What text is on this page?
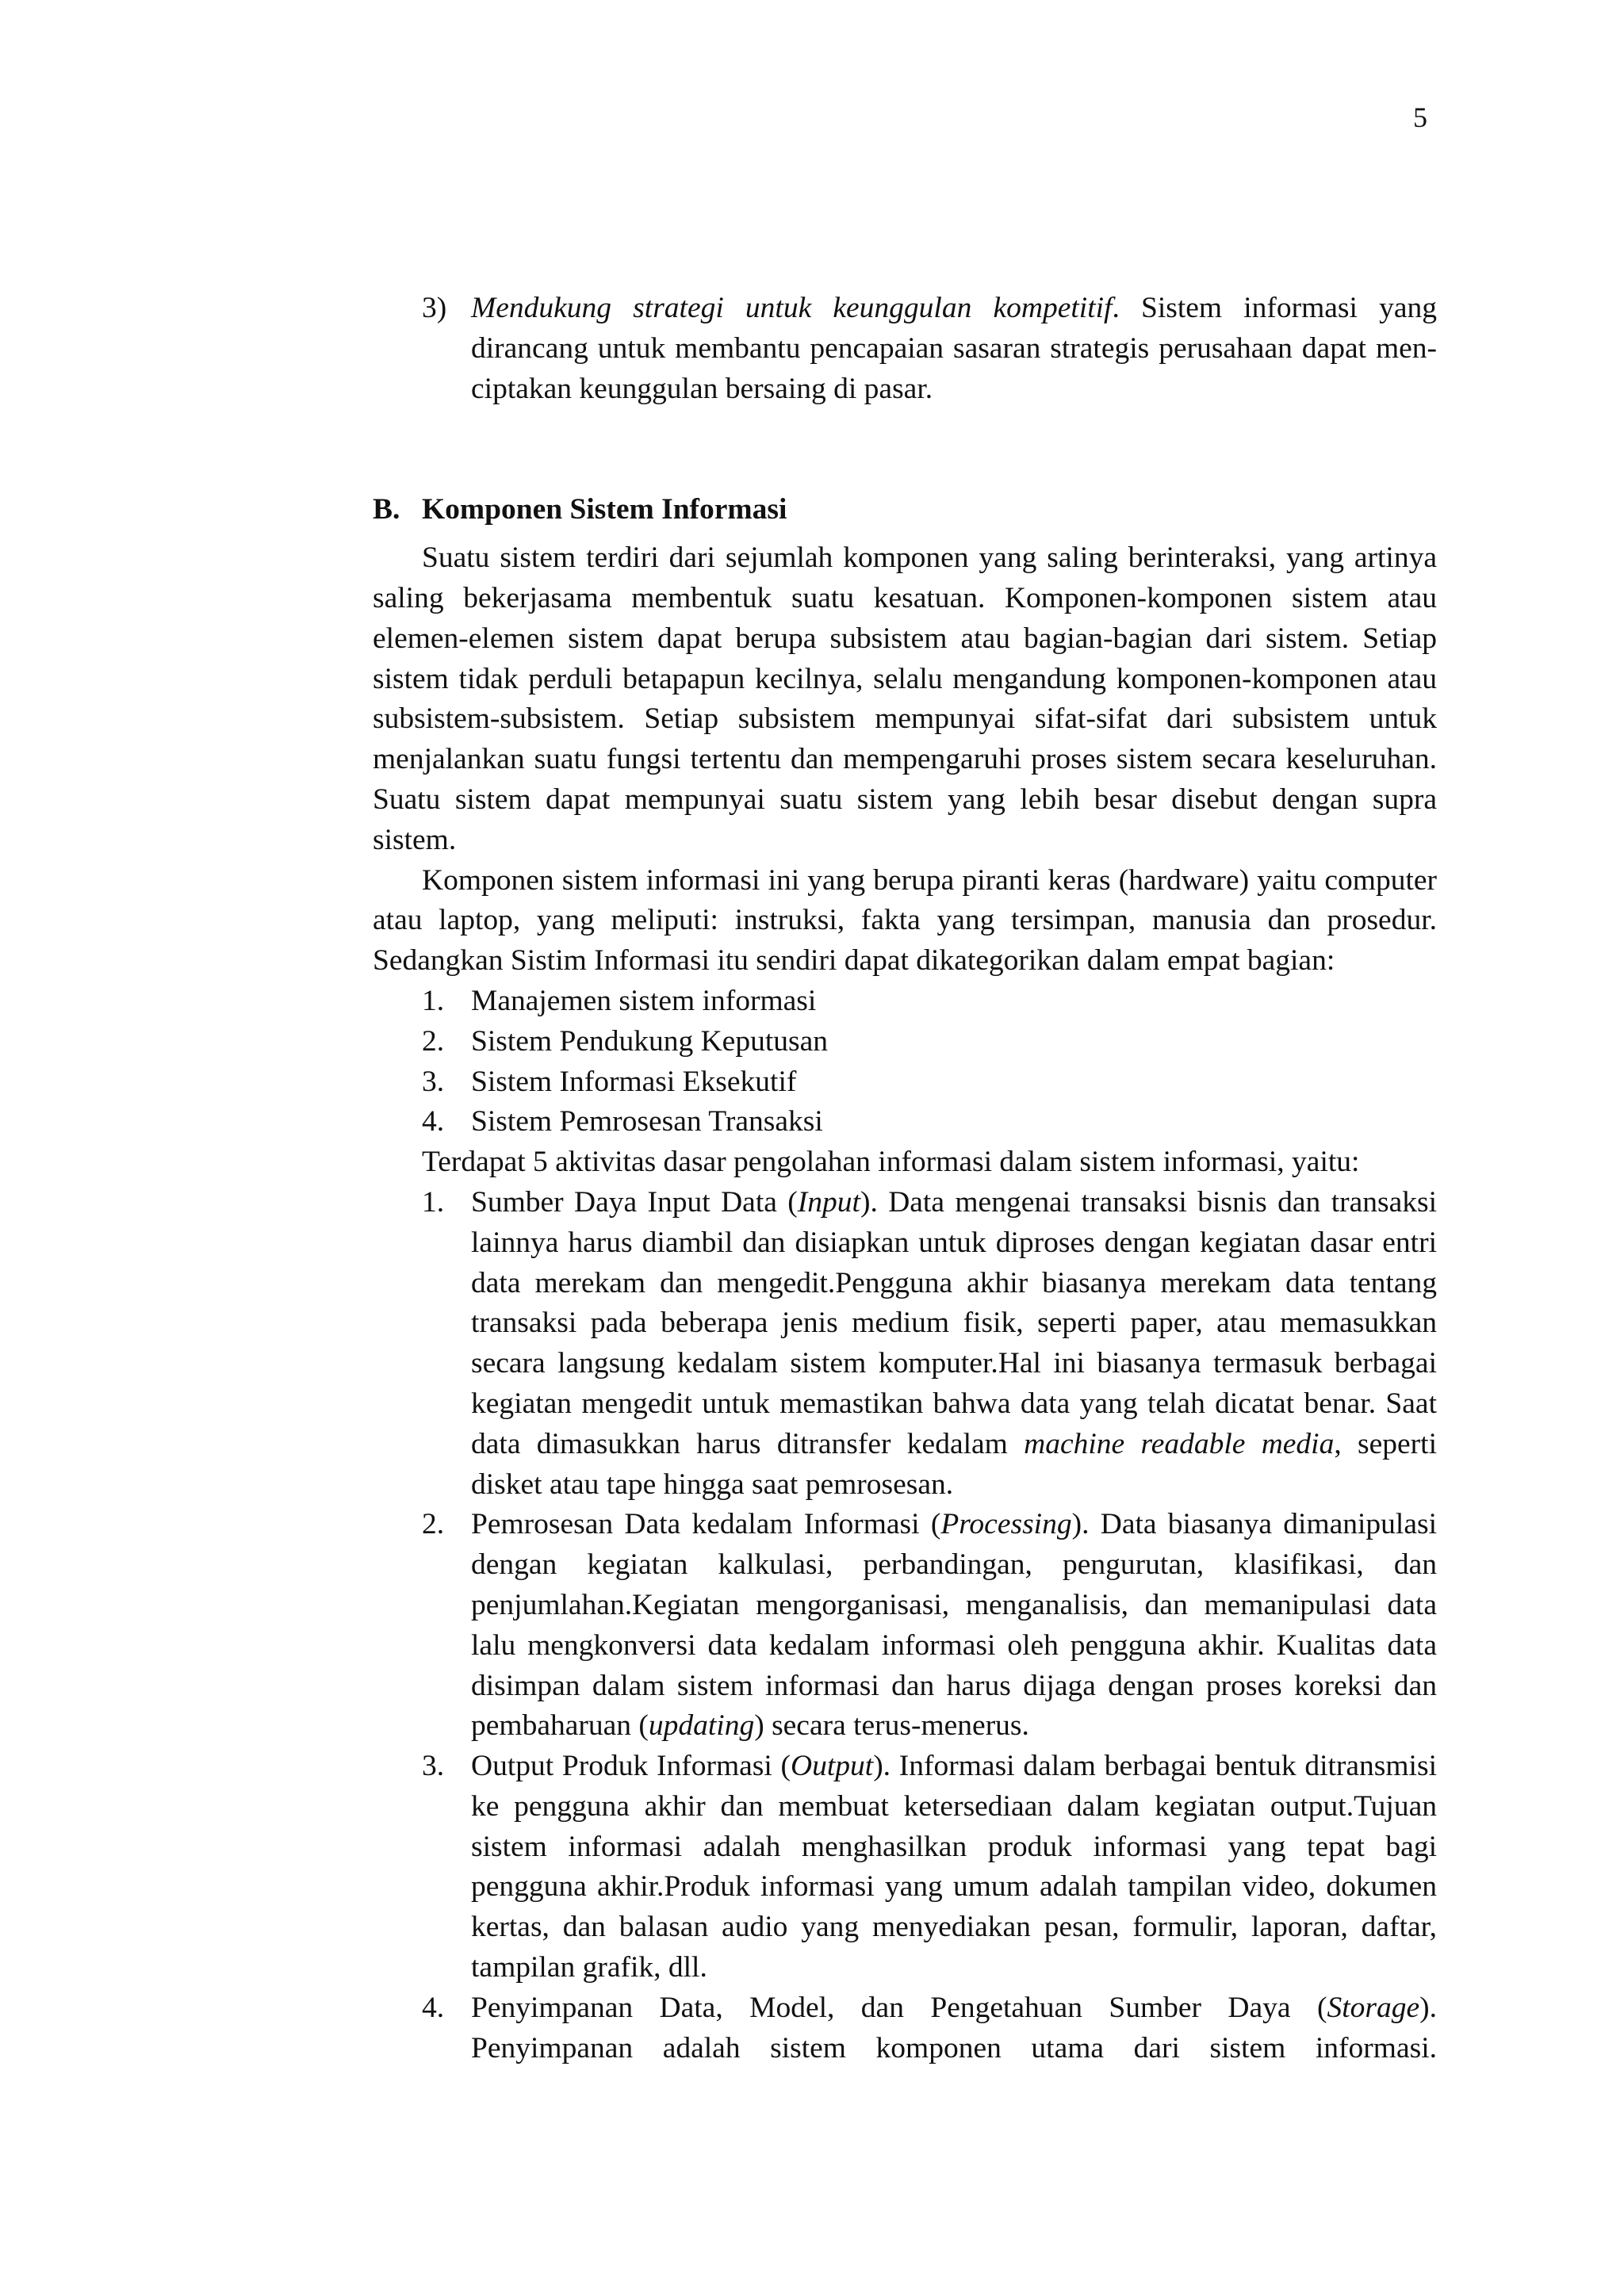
5

3) Mendukung strategi untuk keunggulan kompetitif. Sistem informasi yang dirancang untuk membantu pencapaian sasaran strategis perusahaan dapat men-ciptakan keunggulan bersaing di pasar.

B. Komponen Sistem Informasi

Suatu sistem terdiri dari sejumlah komponen yang saling berinteraksi, yang artinya saling bekerjasama membentuk suatu kesatuan. Komponen-komponen sistem atau elemen-elemen sistem dapat berupa subsistem atau bagian-bagian dari sistem. Setiap sistem tidak perduli betapapun kecilnya, selalu mengandung komponen-komponen atau subsistem-subsistem. Setiap subsistem mempunyai sifat-sifat dari subsistem untuk menjalankan suatu fungsi tertentu dan mempengaruhi proses sistem secara keseluruhan. Suatu sistem dapat mempunyai suatu sistem yang lebih besar disebut dengan supra sistem.

Komponen sistem informasi ini yang berupa piranti keras (hardware) yaitu computer atau laptop, yang meliputi: instruksi, fakta yang tersimpan, manusia dan prosedur. Sedangkan Sistim Informasi itu sendiri dapat dikategorikan dalam empat bagian:

1. Manajemen sistem informasi

2. Sistem Pendukung Keputusan

3. Sistem Informasi Eksekutif

4. Sistem Pemrosesan Transaksi

Terdapat 5 aktivitas dasar pengolahan informasi dalam sistem informasi, yaitu:

1. Sumber Daya Input Data (Input). Data mengenai transaksi bisnis dan transaksi lainnya harus diambil dan disiapkan untuk diproses dengan kegiatan dasar entri data merekam dan mengedit.Pengguna akhir biasanya merekam data tentang transaksi pada beberapa jenis medium fisik, seperti paper, atau memasukkan secara langsung kedalam sistem komputer.Hal ini biasanya termasuk berbagai kegiatan mengedit untuk memastikan bahwa data yang telah dicatat benar. Saat data dimasukkan harus ditransfer kedalam machine readable media, seperti disket atau tape hingga saat pemrosesan.

2. Pemrosesan Data kedalam Informasi (Processing). Data biasanya dimanipulasi dengan kegiatan kalkulasi, perbandingan, pengurutan, klasifikasi, dan penjumlahan.Kegiatan mengorganisasi, menganalisis, dan memanipulasi data lalu mengkonversi data kedalam informasi oleh pengguna akhir. Kualitas data disimpan dalam sistem informasi dan harus dijaga dengan proses koreksi dan pembaharuan (updating) secara terus-menerus.

3. Output Produk Informasi (Output). Informasi dalam berbagai bentuk ditransmisi ke pengguna akhir dan membuat ketersediaan dalam kegiatan output.Tujuan sistem informasi adalah menghasilkan produk informasi yang tepat bagi pengguna akhir.Produk informasi yang umum adalah tampilan video, dokumen kertas, dan balasan audio yang menyediakan pesan, formulir, laporan, daftar, tampilan grafik, dll.

4. Penyimpanan Data, Model, dan Pengetahuan Sumber Daya (Storage). Penyimpanan adalah sistem komponen utama dari sistem informasi.
